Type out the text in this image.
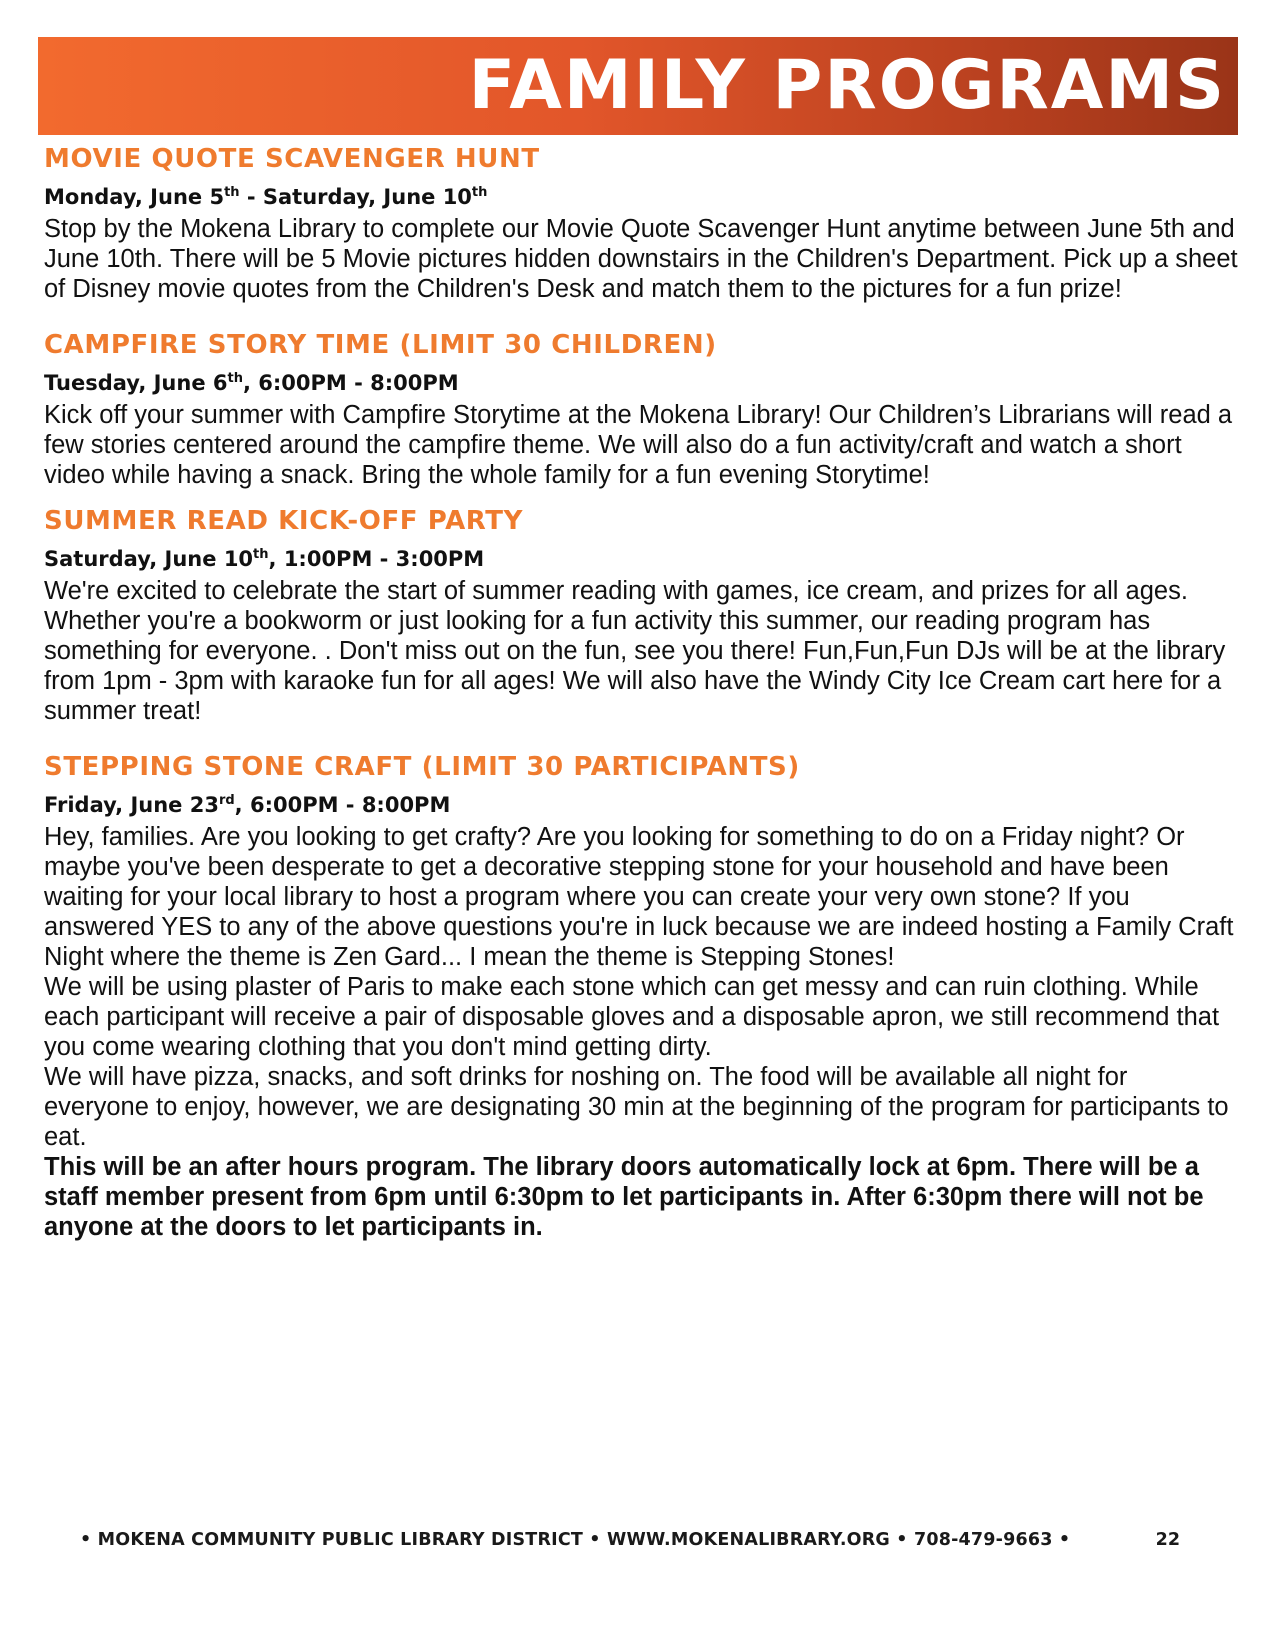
FAMILY PROGRAMS
MOVIE QUOTE SCAVENGER HUNT
Monday, June 5th - Saturday, June 10th

Stop by the Mokena Library to complete our Movie Quote Scavenger Hunt anytime between June 5th and June 10th. There will be 5 Movie pictures hidden downstairs in the Children's Department. Pick up a sheet of Disney movie quotes from the Children's Desk and match them to the pictures for a fun prize!

CAMPFIRE STORY TIME (LIMIT 30 CHILDREN)
Tuesday, June 6th, 6:00PM - 8:00PM

Kick off your summer with Campfire Storytime at the Mokena Library! Our Children’s Librarians will read a few stories centered around the campfire theme. We will also do a fun activity/craft and watch a short video while having a snack. Bring the whole family for a fun evening Storytime!

SUMMER READ KICK-OFF PARTY
Saturday, June 10th, 1:00PM - 3:00PM

We're excited to celebrate the start of summer reading with games, ice cream, and prizes for all ages. Whether you're a bookworm or just looking for a fun activity this summer, our reading program has something for everyone. . Don't miss out on the fun, see you there! Fun,Fun,Fun DJs will be at the library from 1pm - 3pm with karaoke fun for all ages! We will also have the Windy City Ice Cream cart here for a summer treat!

STEPPING STONE CRAFT (LIMIT 30 PARTICIPANTS)
Friday, June 23rd, 6:00PM - 8:00PM

Hey, families. Are you looking to get crafty? Are you looking for something to do on a Friday night? Or maybe you've been desperate to get a decorative stepping stone for your household and have been waiting for your local library to host a program where you can create your very own stone? If you answered YES to any of the above questions you're in luck because we are indeed hosting a Family Craft Night where the theme is Zen Gard... I mean the theme is Stepping Stones!

We will be using plaster of Paris to make each stone which can get messy and can ruin clothing. While each participant will receive a pair of disposable gloves and a disposable apron, we still recommend that you come wearing clothing that you don't mind getting dirty.

We will have pizza, snacks, and soft drinks for noshing on. The food will be available all night for everyone to enjoy, however, we are designating 30 min at the beginning of the program for participants to eat.

This will be an after hours program. The library doors automatically lock at 6pm. There will be a staff member present from 6pm until 6:30pm to let participants in. After 6:30pm there will not be anyone at the doors to let participants in.

• MOKENA COMMUNITY PUBLIC LIBRARY DISTRICT • WWW.MOKENALIBRARY.ORG • 708-479-9663 •	22
